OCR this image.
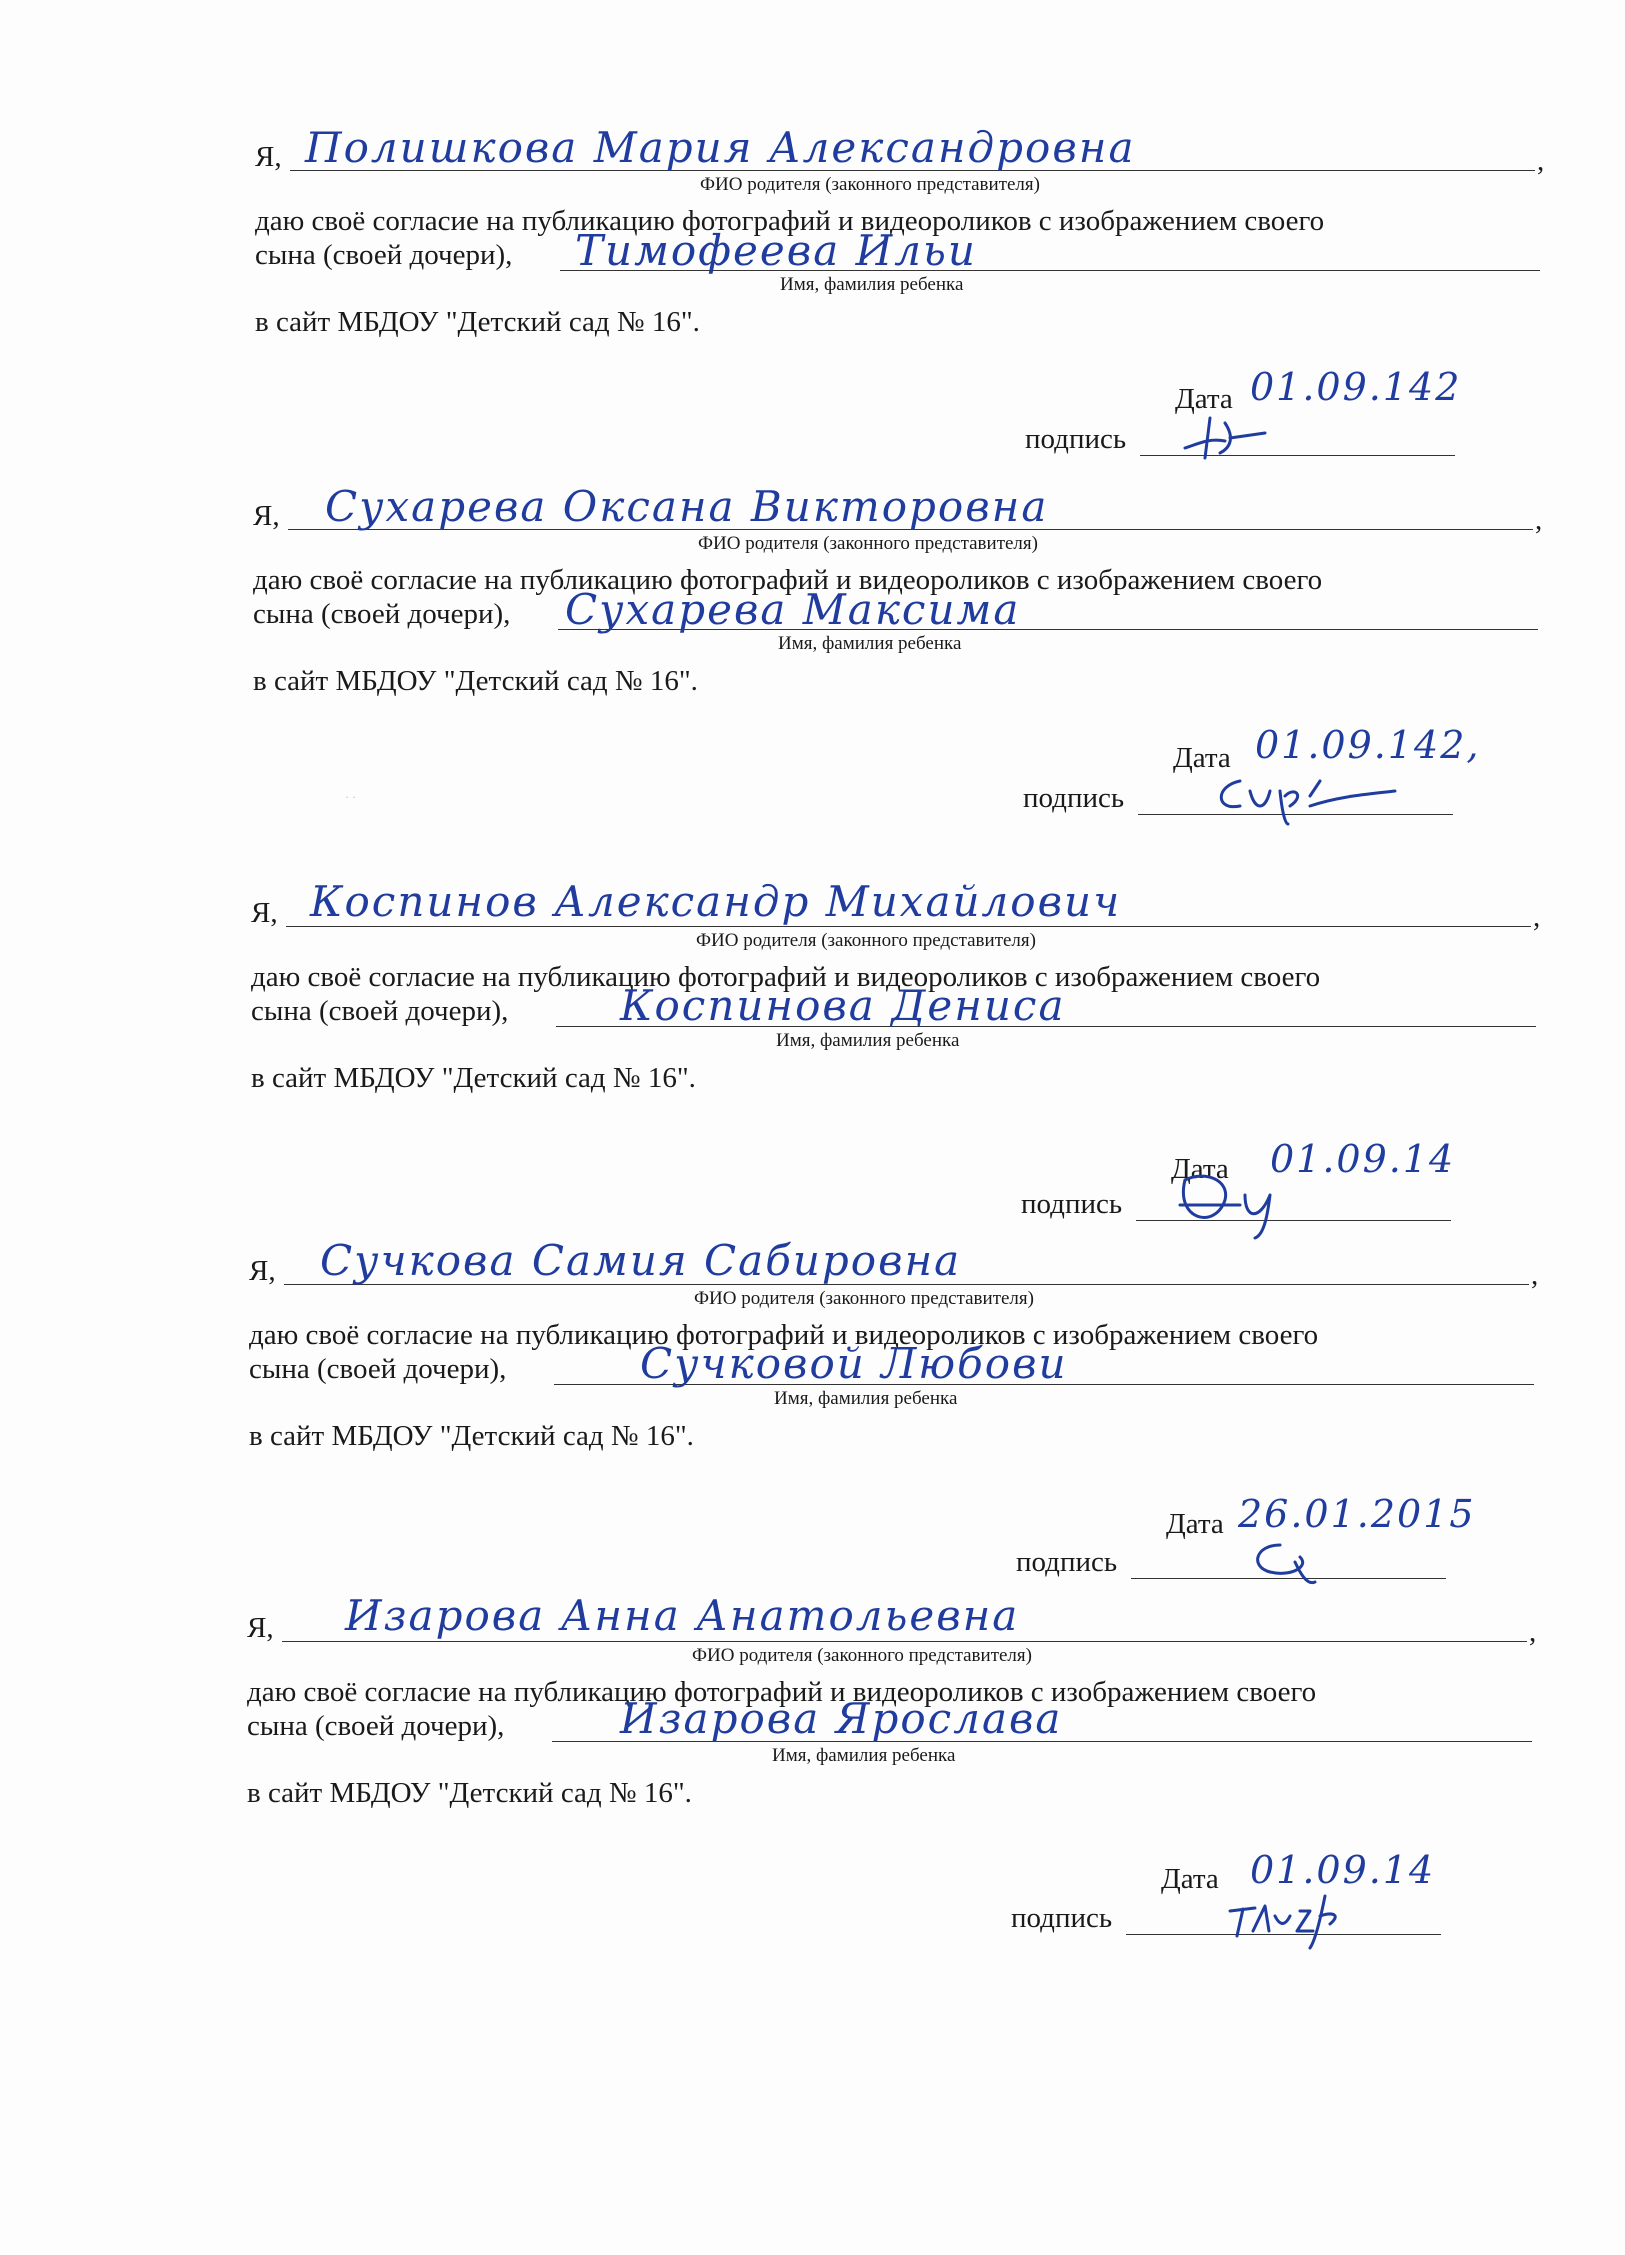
Я, Полишкова Мария Александровна	,
ФИО родителя (законного представителя)
даю своё согласие на публикацию фотографий и видеороликов с изображением своего
сына (своей дочери), Тимофеева Ильи
Имя, фамилия ребенка
в сайт МБДОУ "Детский сад № 16".
Дата 01.09.142
подпись
Я, Сухарева Оксана Викторовна	,
ФИО родителя (законного представителя)
даю своё согласие на публикацию фотографий и видеороликов с изображением своего
сына (своей дочери), Сухарева Максима
Имя, фамилия ребенка
в сайт МБДОУ "Детский сад № 16".
Дата 01.09.142,
подпись
· ·
Я, Коспинов Александр Михайлович	,
ФИО родителя (законного представителя)
даю своё согласие на публикацию фотографий и видеороликов с изображением своего
сына (своей дочери),	Коспинова Дениса
Имя, фамилия ребенка
в сайт МБДОУ "Детский сад № 16".
Дата 01.09.14
подпись
Я, Сучкова Самия Сабировна	,
ФИО родителя (законного представителя)
даю своё согласие на публикацию фотографий и видеороликов с изображением своего
сына (своей дочери),	Сучковой Любови
Имя, фамилия ребенка
в сайт МБДОУ "Детский сад № 16".
Дата 26.01.2015
подпись
Я, Изарова Анна Анатольевна	,
ФИО родителя (законного представителя)
даю своё согласие на публикацию фотографий и видеороликов с изображением своего
сына (своей дочери),	Изарова Ярослава
Имя, фамилия ребенка
в сайт МБДОУ "Детский сад № 16".
Дата 01.09.14
подпись
